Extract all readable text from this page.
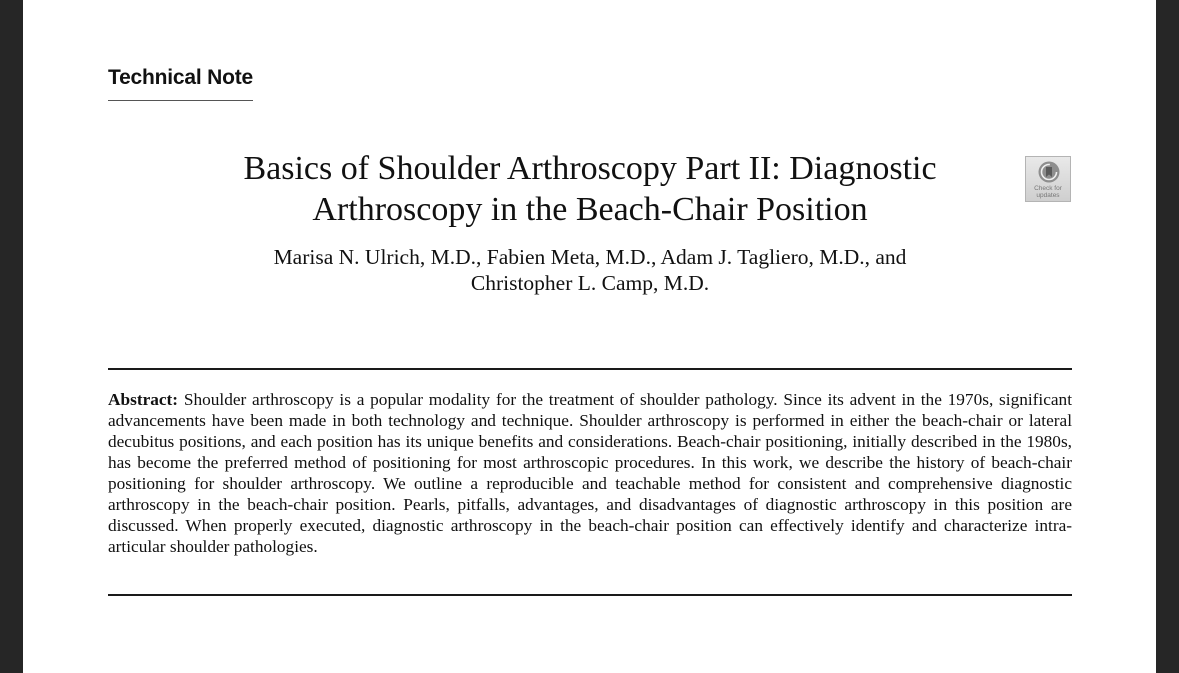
Technical Note
Basics of Shoulder Arthroscopy Part II: Diagnostic
Arthroscopy in the Beach-Chair Position
Check for
updates
Marisa N. Ulrich, M.D., Fabien Meta, M.D., Adam J. Tagliero, M.D., and
Christopher L. Camp, M.D.
Abstract: Shoulder arthroscopy is a popular modality for the treatment of shoulder pathology. Since its advent in the 1970s, significant advancements have been made in both technology and technique. Shoulder arthroscopy is performed in either the beach-chair or lateral decubitus positions, and each position has its unique benefits and considerations. Beach-chair positioning, initially described in the 1980s, has become the preferred method of positioning for most arthroscopic procedures. In this work, we describe the history of beach-chair positioning for shoulder arthroscopy. We outline a reproducible and teachable method for consistent and comprehensive diagnostic arthroscopy in the beach-chair position. Pearls, pitfalls, advantages, and disadvantages of diagnostic arthroscopy in this position are discussed. When properly executed, diagnostic arthroscopy in the beach-chair position can effectively identify and characterize intra-articular shoulder pathologies.
